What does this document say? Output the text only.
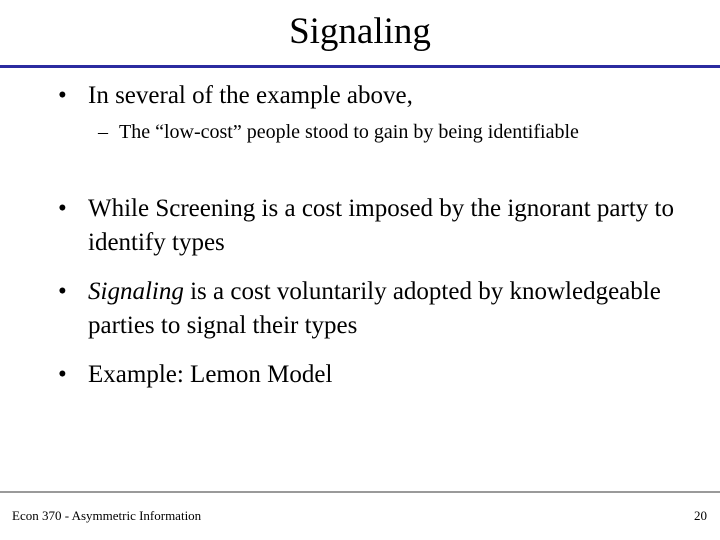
Signaling
• In several of the example above,
– The “low-cost” people stood to gain by being identifiable
• While Screening is a cost imposed by the ignorant party to identify types
• Signaling is a cost voluntarily adopted by knowledgeable parties to signal their types
• Example: Lemon Model
Econ 370 - Asymmetric Information	20
